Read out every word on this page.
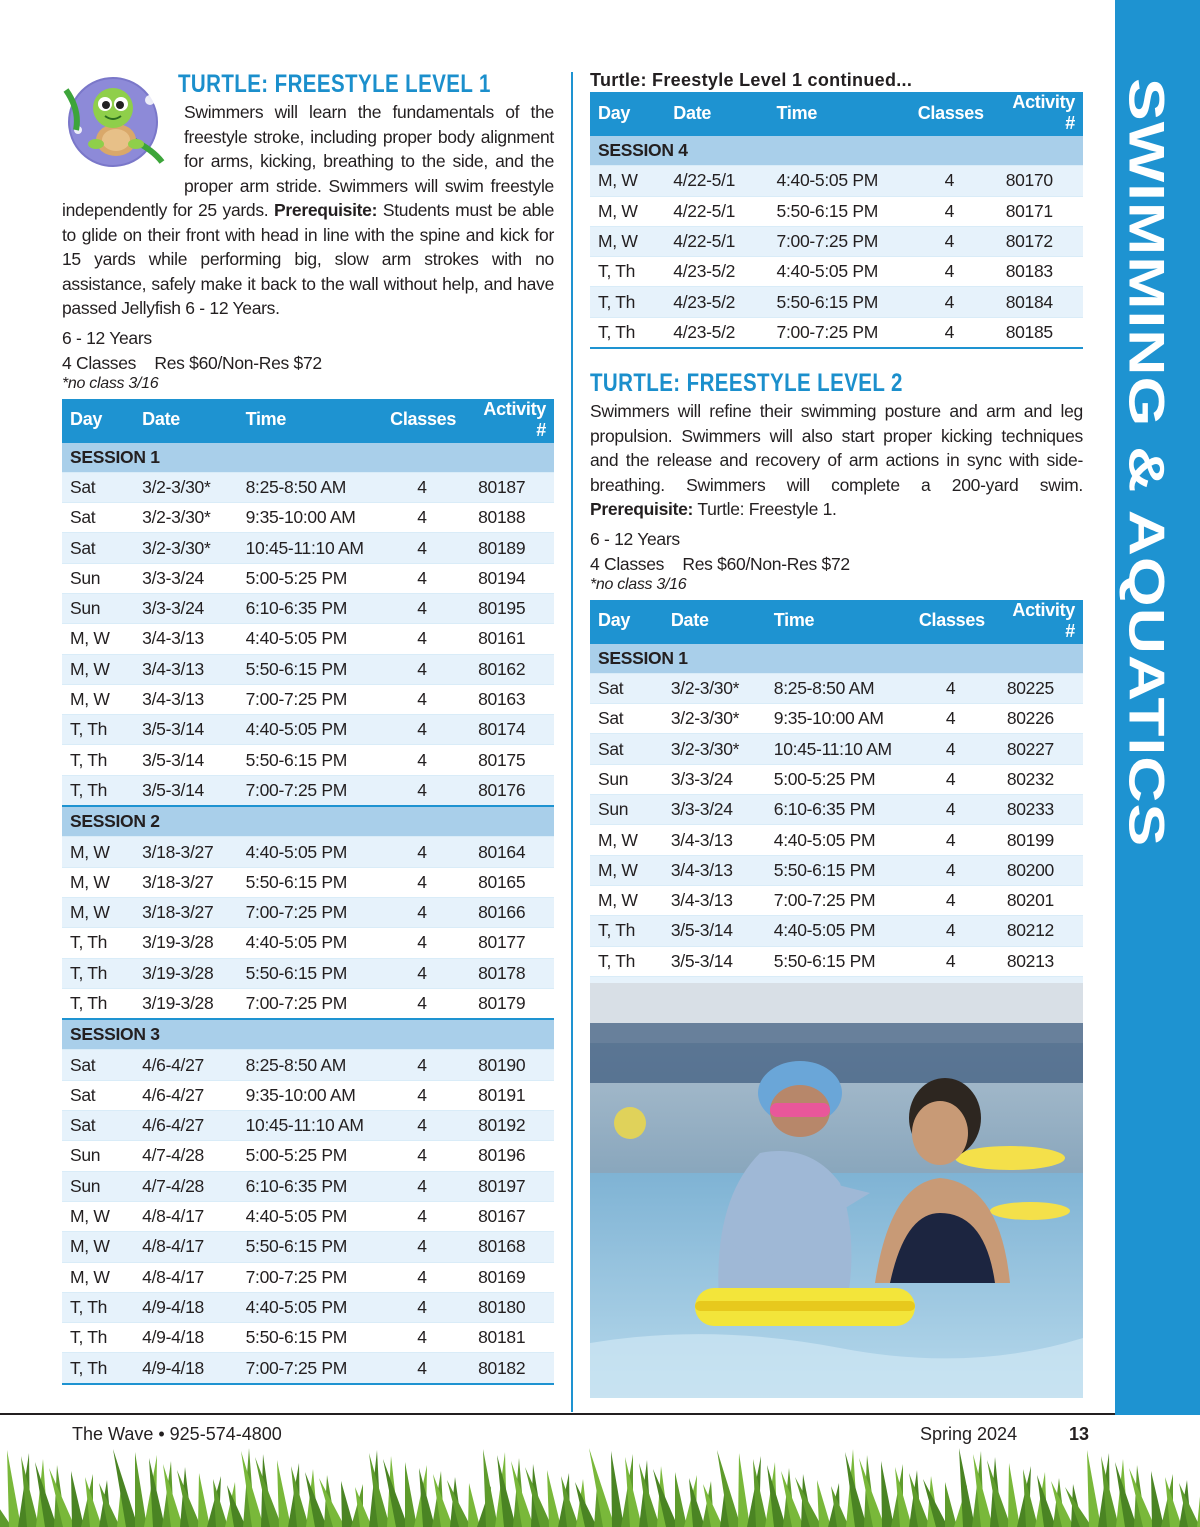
SWIMMING & AQUATICS
TURTLE: FREESTYLE LEVEL 1
Swimmers will learn the fundamentals of the freestyle stroke, including proper body alignment for arms, kicking, breathing to the side, and the proper arm stride. Swimmers will swim freestyle independently for 25 yards. Prerequisite: Students must be able to glide on their front with head in line with the spine and kick for 15 yards while performing big, slow arm strokes with no assistance, safely make it back to the wall without help, and have passed Jellyfish 6 - 12 Years.
6 - 12 Years
4 Classes    Res $60/Non-Res $72
*no class 3/16
Day	Date	Time	Classes	Activity #
SESSION 1				
Sat	3/2-3/30*	8:25-8:50 AM	4	80187
Sat	3/2-3/30*	9:35-10:00 AM	4	80188
Sat	3/2-3/30*	10:45-11:10 AM	4	80189
Sun	3/3-3/24	5:00-5:25 PM	4	80194
Sun	3/3-3/24	6:10-6:35 PM	4	80195
M, W	3/4-3/13	4:40-5:05 PM	4	80161
M, W	3/4-3/13	5:50-6:15 PM	4	80162
M, W	3/4-3/13	7:00-7:25 PM	4	80163
T, Th	3/5-3/14	4:40-5:05 PM	4	80174
T, Th	3/5-3/14	5:50-6:15 PM	4	80175
T, Th	3/5-3/14	7:00-7:25 PM	4	80176
SESSION 2				
M, W	3/18-3/27	4:40-5:05 PM	4	80164
M, W	3/18-3/27	5:50-6:15 PM	4	80165
M, W	3/18-3/27	7:00-7:25 PM	4	80166
T, Th	3/19-3/28	4:40-5:05 PM	4	80177
T, Th	3/19-3/28	5:50-6:15 PM	4	80178
T, Th	3/19-3/28	7:00-7:25 PM	4	80179
SESSION 3				
Sat	4/6-4/27	8:25-8:50 AM	4	80190
Sat	4/6-4/27	9:35-10:00 AM	4	80191
Sat	4/6-4/27	10:45-11:10 AM	4	80192
Sun	4/7-4/28	5:00-5:25 PM	4	80196
Sun	4/7-4/28	6:10-6:35 PM	4	80197
M, W	4/8-4/17	4:40-5:05 PM	4	80167
M, W	4/8-4/17	5:50-6:15 PM	4	80168
M, W	4/8-4/17	7:00-7:25 PM	4	80169
T, Th	4/9-4/18	4:40-5:05 PM	4	80180
T, Th	4/9-4/18	5:50-6:15 PM	4	80181
T, Th	4/9-4/18	7:00-7:25 PM	4	80182
Turtle: Freestyle Level 1 continued...
Day	Date	Time	Classes	Activity #
SESSION 4				
M, W	4/22-5/1	4:40-5:05 PM	4	80170
M, W	4/22-5/1	5:50-6:15 PM	4	80171
M, W	4/22-5/1	7:00-7:25 PM	4	80172
T, Th	4/23-5/2	4:40-5:05 PM	4	80183
T, Th	4/23-5/2	5:50-6:15 PM	4	80184
T, Th	4/23-5/2	7:00-7:25 PM	4	80185
TURTLE: FREESTYLE LEVEL 2
Swimmers will refine their swimming posture and arm and leg propulsion. Swimmers will also start proper kicking techniques and the release and recovery of arm actions in sync with side-breathing. Swimmers will complete a 200-yard swim. Prerequisite: Turtle: Freestyle 1.
6 - 12 Years
4 Classes    Res $60/Non-Res $72
*no class 3/16
Day	Date	Time	Classes	Activity #
SESSION 1				
Sat	3/2-3/30*	8:25-8:50 AM	4	80225
Sat	3/2-3/30*	9:35-10:00 AM	4	80226
Sat	3/2-3/30*	10:45-11:10 AM	4	80227
Sun	3/3-3/24	5:00-5:25 PM	4	80232
Sun	3/3-3/24	6:10-6:35 PM	4	80233
M, W	3/4-3/13	4:40-5:05 PM	4	80199
M, W	3/4-3/13	5:50-6:15 PM	4	80200
M, W	3/4-3/13	7:00-7:25 PM	4	80201
T, Th	3/5-3/14	4:40-5:05 PM	4	80212
T, Th	3/5-3/14	5:50-6:15 PM	4	80213

The Wave • 925-574-4800	Spring 2024	13
